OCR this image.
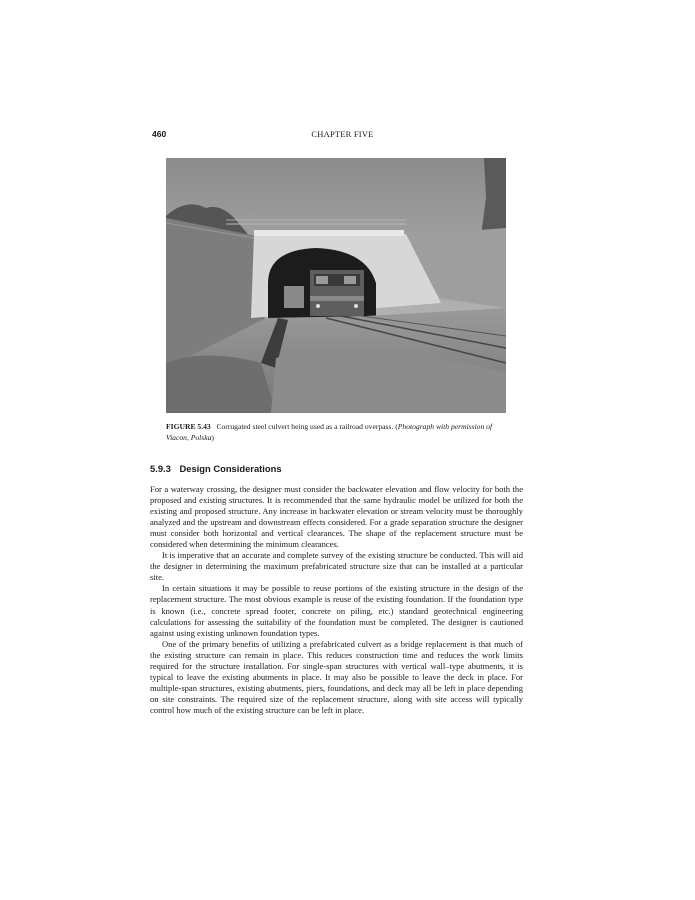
460	CHAPTER FIVE
FIGURE 5.43 Corrugated steel culvert being used as a railroad overpass. (Photograph with permission of Viacon, Polska)
5.9.3 Design Considerations

For a waterway crossing, the designer must consider the backwater elevation and flow velocity for both the proposed and existing structures. It is recommended that the same hydraulic model be utilized for both the existing and proposed structure. Any increase in backwater elevation or stream velocity must be thoroughly analyzed and the upstream and downstream effects considered. For a grade separation structure the designer must consider both horizontal and vertical clearances. The shape of the replacement structure must be considered when determining the minimum clearances.

It is imperative that an accurate and complete survey of the existing structure be conducted. This will aid the designer in determining the maximum prefabricated structure size that can be installed at a particular site.

In certain situations it may be possible to reuse portions of the existing structure in the design of the replacement structure. The most obvious example is reuse of the existing foundation. If the foundation type is known (i.e., concrete spread footer, concrete on piling, etc.) standard geotechnical engineering calculations for assessing the suitability of the foundation must be completed. The designer is cautioned against using existing unknown foundation types.

One of the primary benefits of utilizing a prefabricated culvert as a bridge replacement is that much of the existing structure can remain in place. This reduces construction time and reduces the work limits required for the structure installation. For single-span structures with vertical wall–type abutments, it is typical to leave the existing abutments in place. It may also be possible to leave the deck in place. For multiple-span structures, existing abutments, piers, foundations, and deck may all be left in place depending on site constraints. The required size of the replacement structure, along with site access will typically control how much of the existing structure can be left in place.
